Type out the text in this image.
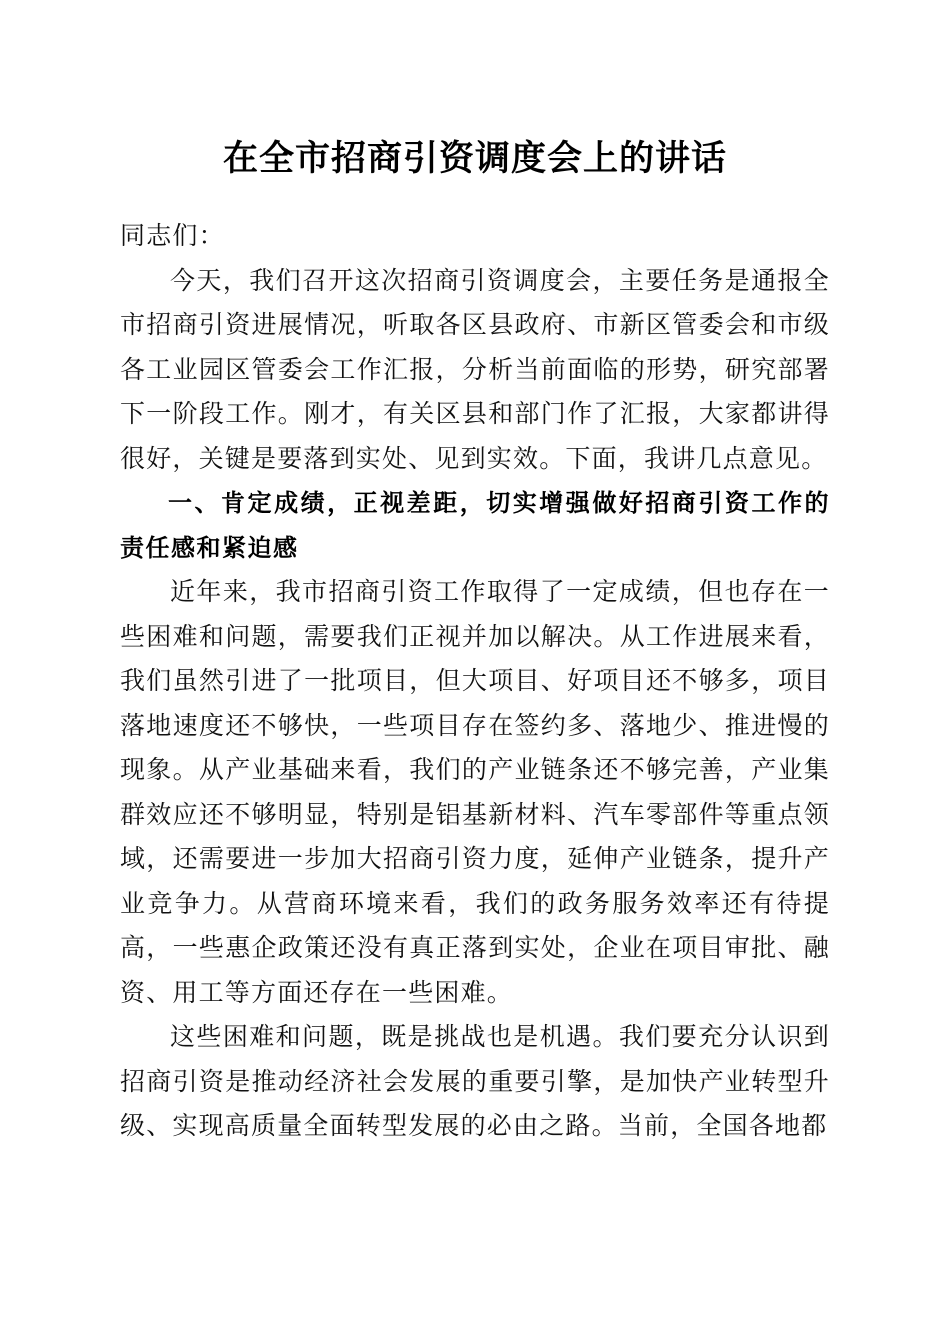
在全市招商引资调度会上的讲话

同志们：

今天，我们召开这次招商引资调度会，主要任务是通报全市招商引资进展情况，听取各区县政府、市新区管委会和市级各工业园区管委会工作汇报，分析当前面临的形势，研究部署下一阶段工作。刚才，有关区县和部门作了汇报，大家都讲得很好，关键是要落到实处、见到实效。下面，我讲几点意见。

一、肯定成绩，正视差距，切实增强做好招商引资工作的责任感和紧迫感

近年来，我市招商引资工作取得了一定成绩，但也存在一些困难和问题，需要我们正视并加以解决。从工作进展来看，我们虽然引进了一批项目，但大项目、好项目还不够多，项目落地速度还不够快，一些项目存在签约多、落地少、推进慢的现象。从产业基础来看，我们的产业链条还不够完善，产业集群效应还不够明显，特别是铝基新材料、汽车零部件等重点领域，还需要进一步加大招商引资力度，延伸产业链条，提升产业竞争力。从营商环境来看，我们的政务服务效率还有待提高，一些惠企政策还没有真正落到实处，企业在项目审批、融资、用工等方面还存在一些困难。

这些困难和问题，既是挑战也是机遇。我们要充分认识到招商引资是推动经济社会发展的重要引擎，是加快产业转型升级、实现高质量全面转型发展的必由之路。当前，全国各地都
